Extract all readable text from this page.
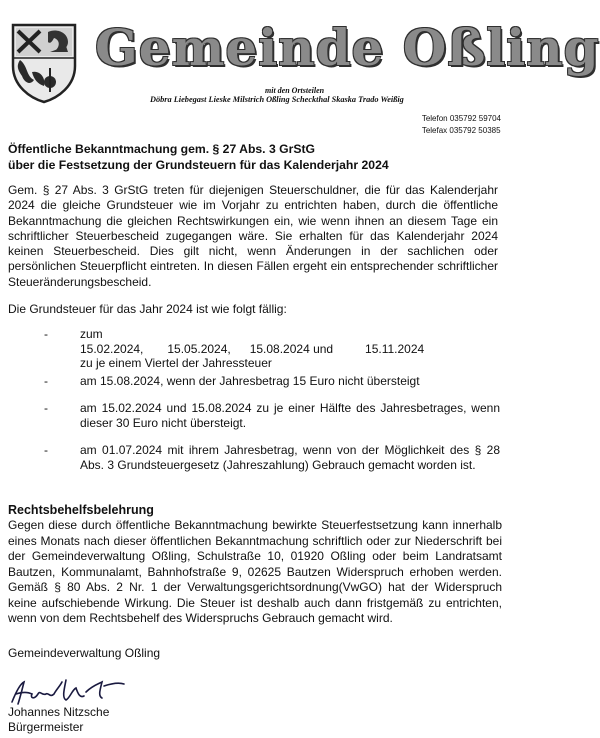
Gemeinde Oßling
mit den Ortsteilen
Döbra Liebegast Lieske Milstrich Oßling Scheckthal Skaska Trado Weißig
Telefon 035792 59704
Telefax 035792 50385
Öffentliche Bekanntmachung gem. § 27 Abs. 3 GrStG
über die Festsetzung der Grundsteuern für das Kalenderjahr 2024
Gem. § 27 Abs. 3 GrStG treten für diejenigen Steuerschuldner, die für das Kalenderjahr 2024 die gleiche Grundsteuer wie im Vorjahr zu entrichten haben, durch die öffentliche Bekanntmachung die gleichen Rechtswirkungen ein, wie wenn ihnen an diesem Tage ein schriftlicher Steuerbescheid zugegangen wäre. Sie erhalten für das Kalenderjahr 2024 keinen Steuerbescheid. Dies gilt nicht, wenn Änderungen in der sachlichen oder persönlichen Steuerpflicht eintreten. In diesen Fällen ergeht ein entsprechender schriftlicher Steueränderungsbescheid.
Die Grundsteuer für das Jahr 2024 ist wie folgt fällig:
-	zum 15.02.2024, 15.05.2024, 15.08.2024 und	15.11.2024
zu je einem Viertel der Jahressteuer
-	am 15.08.2024, wenn der Jahresbetrag 15 Euro nicht übersteigt
-	am 15.02.2024 und 15.08.2024 zu je einer Hälfte des Jahresbetrages, wenn dieser 30 Euro nicht übersteigt.
-	am 01.07.2024 mit ihrem Jahresbetrag, wenn von der Möglichkeit des § 28 Abs. 3 Grundsteuergesetz (Jahreszahlung) Gebrauch gemacht worden ist.
Rechtsbehelfsbelehrung
Gegen diese durch öffentliche Bekanntmachung bewirkte Steuerfestsetzung kann innerhalb eines Monats nach dieser öffentlichen Bekanntmachung schriftlich oder zur Niederschrift bei der Gemeindeverwaltung Oßling, Schulstraße 10, 01920 Oßling oder beim Landratsamt Bautzen, Kommunalamt, Bahnhofstraße 9, 02625 Bautzen Widerspruch erhoben werden. Gemäß § 80 Abs. 2 Nr. 1 der Verwaltungsgerichtsordnung(VwGO) hat der Widerspruch keine aufschiebende Wirkung. Die Steuer ist deshalb auch dann fristgemäß zu entrichten, wenn von dem Rechtsbehelf des Widerspruchs Gebrauch gemacht wird.
Gemeindeverwaltung Oßling
Johannes Nitzsche
Bürgermeister
